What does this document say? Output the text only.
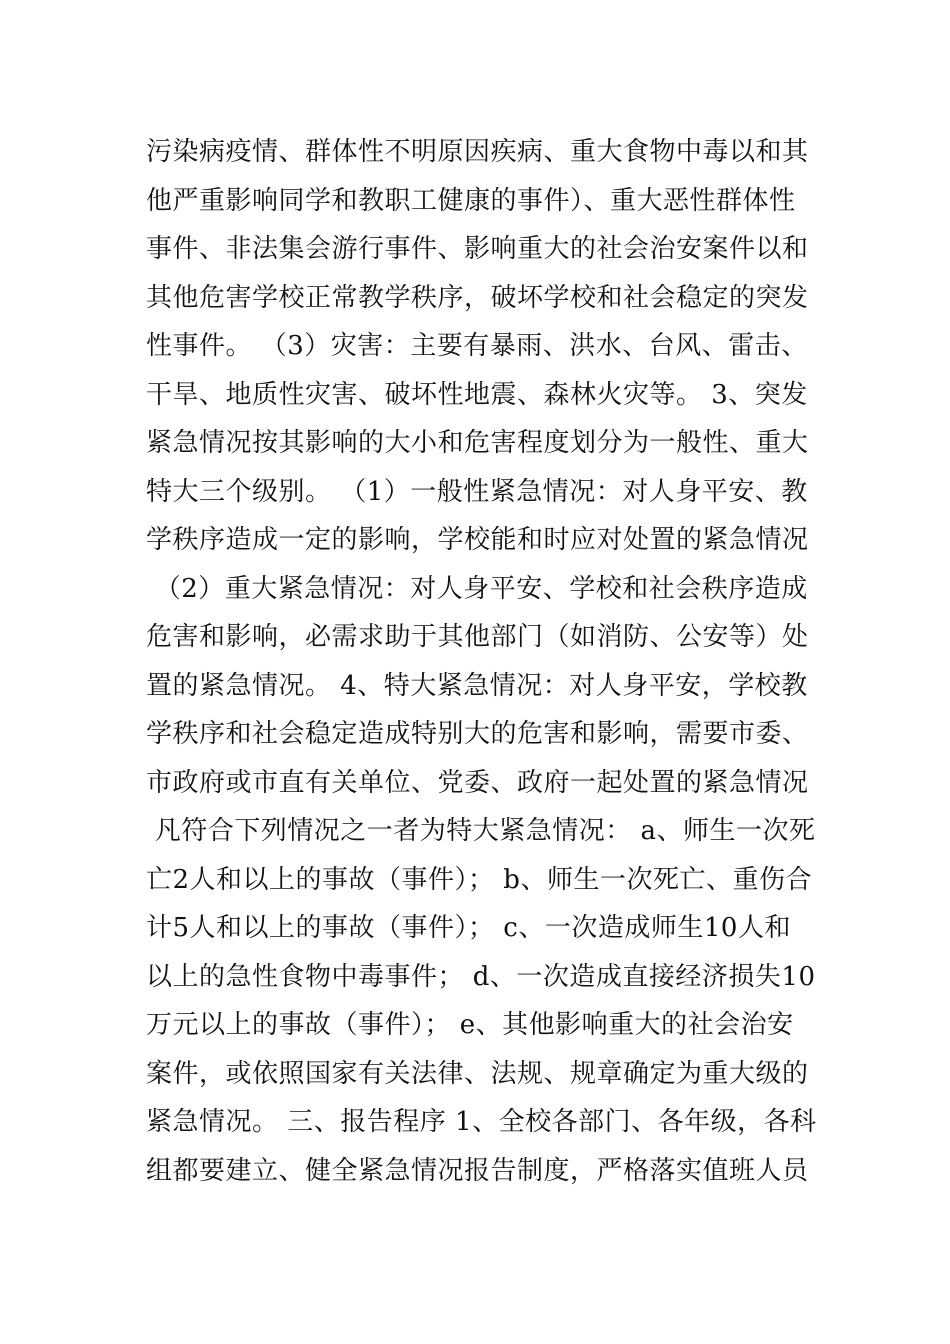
污染病疫情、群体性不明原因疾病、重大食物中毒以和其
他严重影响同学和教职工健康的事件）、重大恶性群体性
事件、非法集会游行事件、影响重大的社会治安案件以和
其他危害学校正常教学秩序，破坏学校和社会稳定的突发
性事件。 （3）灾害：主要有暴雨、洪水、台风、雷击、
干旱、地质性灾害、破坏性地震、森林火灾等。 3、突发
紧急情况按其影响的大小和危害程度划分为一般性、重大
特大三个级别。 （1）一般性紧急情况：对人身平安、教
学秩序造成一定的影响，学校能和时应对处置的紧急情况
（2）重大紧急情况：对人身平安、学校和社会秩序造成
危害和影响，必需求助于其他部门（如消防、公安等）处
置的紧急情况。 4、特大紧急情况：对人身平安，学校教
学秩序和社会稳定造成特别大的危害和影响，需要市委、
市政府或市直有关单位、党委、政府一起处置的紧急情况
凡符合下列情况之一者为特大紧急情况： a、师生一次死
亡2人和以上的事故（事件）； b、师生一次死亡、重伤合
计5人和以上的事故（事件）； c、一次造成师生10人和
以上的急性食物中毒事件； d、一次造成直接经济损失10
万元以上的事故（事件）； e、其他影响重大的社会治安
案件，或依照国家有关法律、法规、规章确定为重大级的
紧急情况。 三、报告程序 1、全校各部门、各年级，各科
组都要建立、健全紧急情况报告制度，严格落实值班人员
